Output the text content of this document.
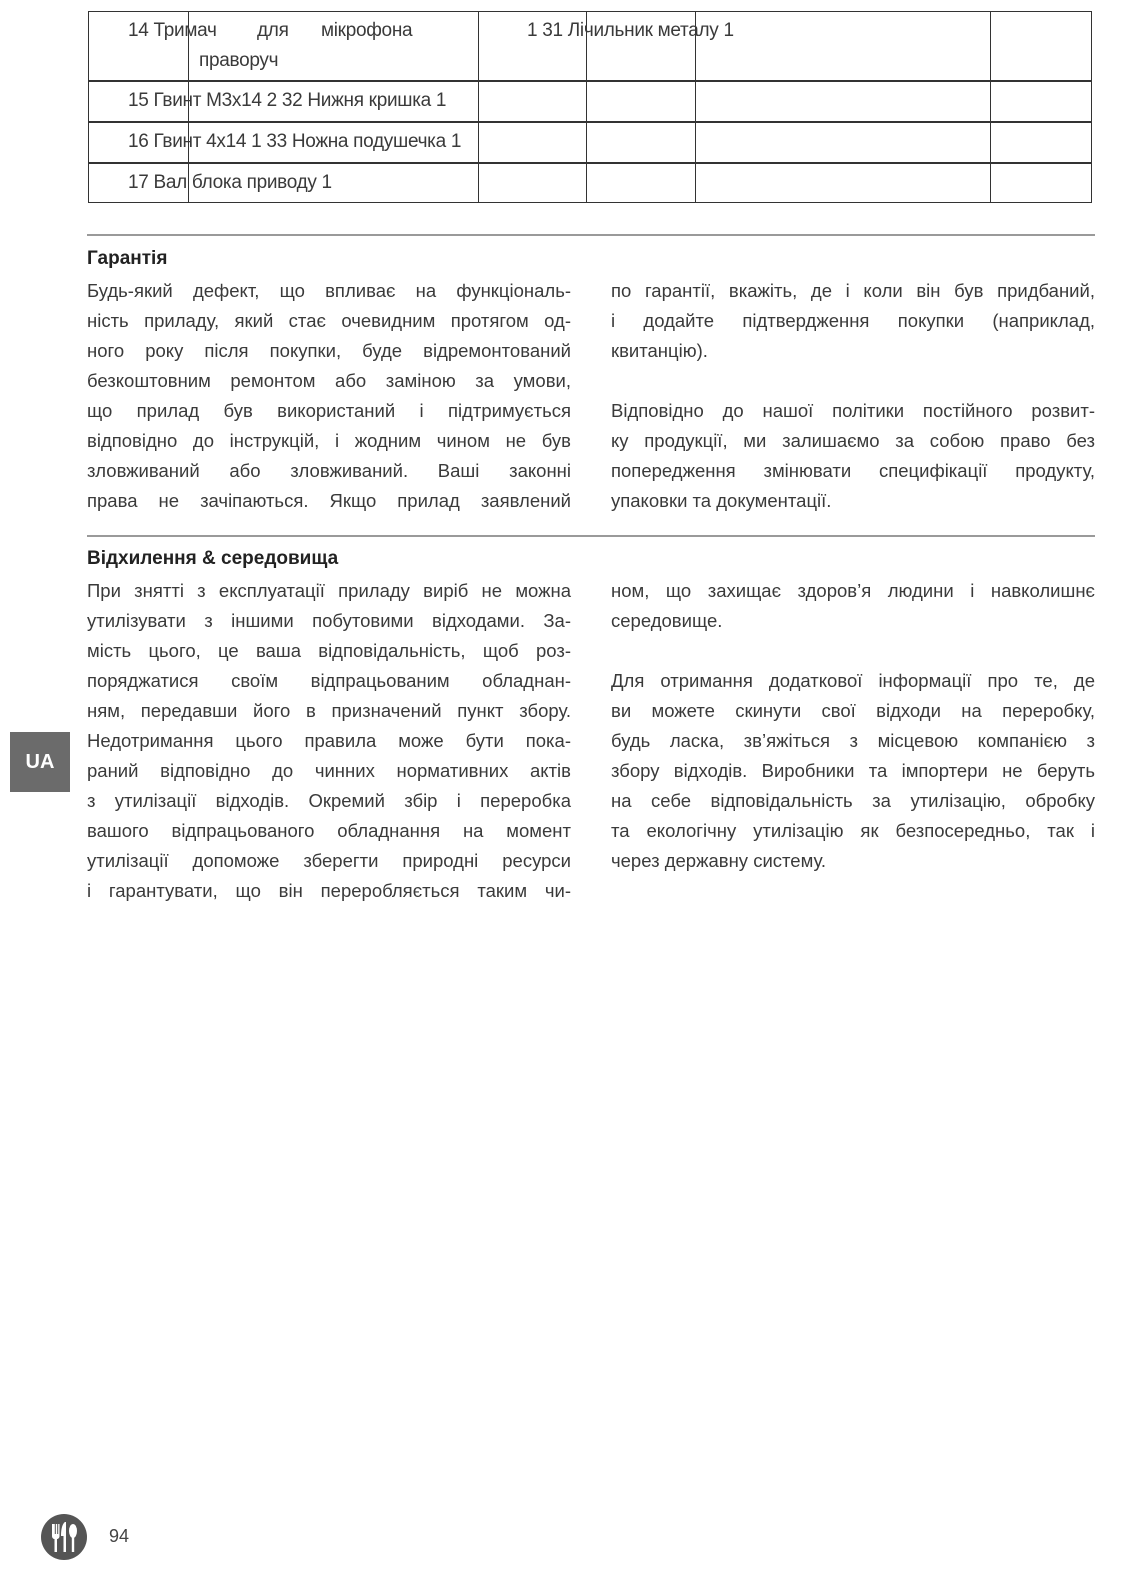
14 Тримач для мікрофона
праворуч
1 31 Лічильник металу 1
15 Гвинт М3х14 2 32 Нижня кришка 1
16 Гвинт 4х14 1 33 Ножна подушечка 1
17 Вал блока приводу 1
Гарантія
Будь-який дефект, що впливає на функціональ-
ність приладу, який стає очевидним протягом од-
ного року після покупки, буде відремонтований
безкоштовним ремонтом або заміною за умови,
що прилад був використаний і підтримується
відповідно до інструкцій, і жодним чином не був
зловживаний або зловживаний. Ваші законні
права не зачіпаються. Якщо прилад заявлений
по гарантії, вкажіть, де і коли він був придбаний,
і додайте підтвердження покупки (наприклад,
квитанцію).
Відповідно до нашої політики постійного розвит-
ку продукції, ми залишаємо за собою право без
попередження змінювати специфікації продукту,
упаковки та документації.
Відхилення & середовища
При знятті з експлуатації приладу виріб не можна
утилізувати з іншими побутовими відходами. За-
мість цього, це ваша відповідальність, щоб роз-
поряджатися своїм відпрацьованим обладнан-
ням, передавши його в призначений пункт збору.
Недотримання цього правила може бути пока-
раний відповідно до чинних нормативних актів
з утилізації відходів. Окремий збір і переробка
вашого відпрацьованого обладнання на момент
утилізації допоможе зберегти природні ресурси
і гарантувати, що він переробляється таким чи-
ном, що захищає здоров’я людини і навколишнє
середовище.
Для отримання додаткової інформації про те, де
ви можете скинути свої відходи на переробку,
будь ласка, зв’яжіться з місцевою компанією з
збору відходів. Виробники та імпортери не беруть
на себе відповідальність за утилізацію, обробку
та екологічну утилізацію як безпосередньо, так і
через державну систему.
UA
94
